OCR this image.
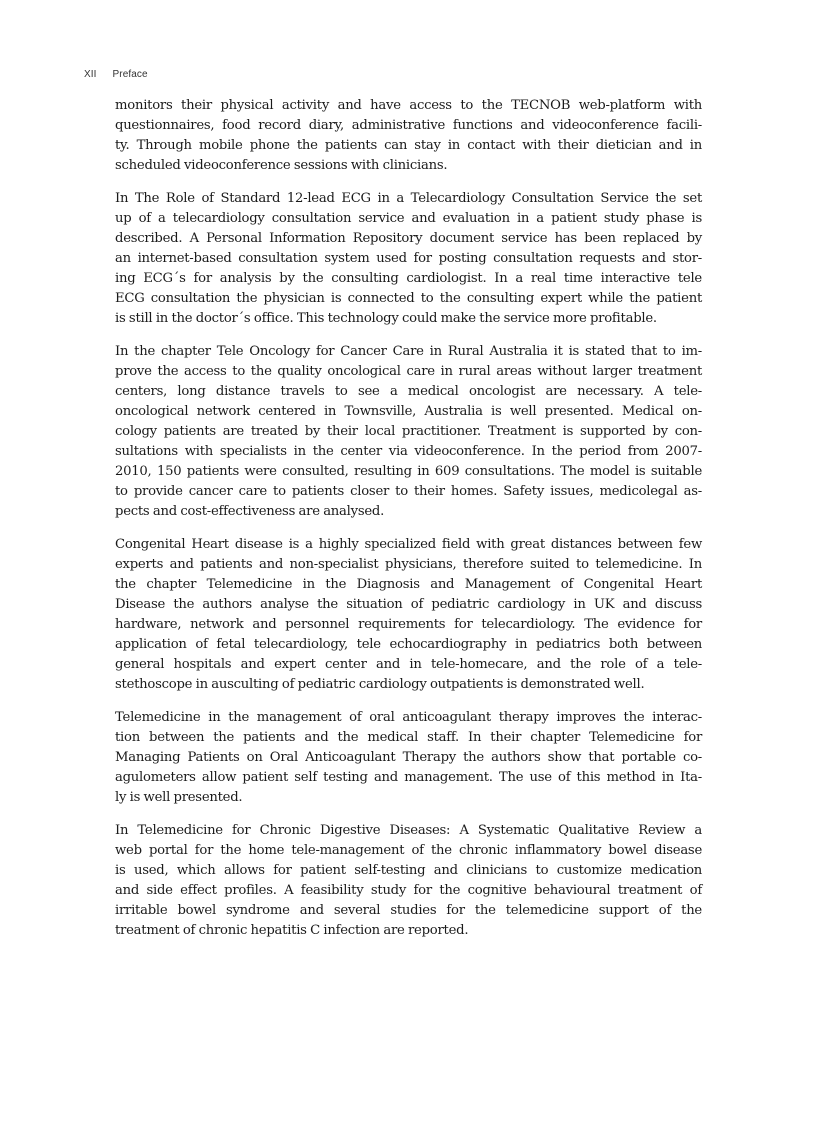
XII Preface
monitors their physical activity and have access to the TECNOB web-platform with
questionnaires, food record diary, administrative functions and videoconference facili-
ty. Through mobile phone the patients can stay in contact with their dietician and in
scheduled videoconference sessions with clinicians.
In The Role of Standard 12-lead ECG in a Telecardiology Consultation Service the set
up of a telecardiology consultation service and evaluation in a patient study phase is
described. A Personal Information Repository document service has been replaced by
an internet-based consultation system used for posting consultation requests and stor-
ing ECG´s for analysis by the consulting cardiologist. In a real time interactive tele
ECG consultation the physician is connected to the consulting expert while the patient
is still in the doctor´s office. This technology could make the service more profitable.
In the chapter Tele Oncology for Cancer Care in Rural Australia it is stated that to im-
prove the access to the quality oncological care in rural areas without larger treatment
centers, long distance travels to see a medical oncologist are necessary. A tele-
oncological network centered in Townsville, Australia is well presented. Medical on-
cology patients are treated by their local practitioner. Treatment is supported by con-
sultations with specialists in the center via videoconference. In the period from 2007-
2010, 150 patients were consulted, resulting in 609 consultations. The model is suitable
to provide cancer care to patients closer to their homes. Safety issues, medicolegal as-
pects and cost-effectiveness are analysed.
Congenital Heart disease is a highly specialized field with great distances between few
experts and patients and non-specialist physicians, therefore suited to telemedicine. In
the chapter Telemedicine in the Diagnosis and Management of Congenital Heart
Disease the authors analyse the situation of pediatric cardiology in UK and discuss
hardware, network and personnel requirements for telecardiology. The evidence for
application of fetal telecardiology, tele echocardiography in pediatrics both between
general hospitals and expert center and in tele-homecare, and the role of a tele-
stethoscope in ausculting of pediatric cardiology outpatients is demonstrated well.
Telemedicine in the management of oral anticoagulant therapy improves the interac-
tion between the patients and the medical staff. In their chapter Telemedicine for
Managing Patients on Oral Anticoagulant Therapy the authors show that portable co-
agulometers allow patient self testing and management. The use of this method in Ita-
ly is well presented.
In Telemedicine for Chronic Digestive Diseases: A Systematic Qualitative Review a
web portal for the home tele-management of the chronic inflammatory bowel disease
is used, which allows for patient self-testing and clinicians to customize medication
and side effect profiles. A feasibility study for the cognitive behavioural treatment of
irritable bowel syndrome and several studies for the telemedicine support of the
treatment of chronic hepatitis C infection are reported.
